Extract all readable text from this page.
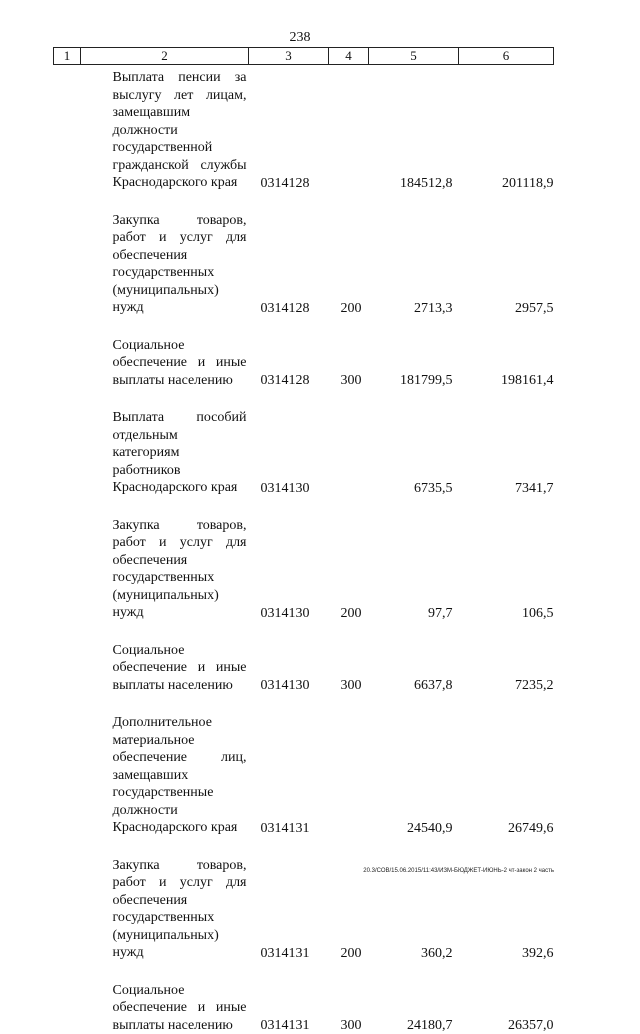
238
1	2	3	4	5	6

	Выплата пенсии за выслугу лет лицам, замещавшим должности государственной гражданской службы Краснодарского края	0314128		184512,8	201118,9

	Закупка товаров, работ и услуг для обеспечения государственных (муниципальных) нужд	0314128	200	2713,3	2957,5

	Социальное обеспечение и иные выплаты населению	0314128	300	181799,5	198161,4

	Выплата пособий отдельным категориям работников Краснодарского края	0314130		6735,5	7341,7

	Закупка товаров, работ и услуг для обеспечения государственных (муниципальных) нужд	0314130	200	97,7	106,5

	Социальное обеспечение и иные выплаты населению	0314130	300	6637,8	7235,2

	Дополнительное материальное обеспечение лиц, замещавших государственные должности Краснодарского края	0314131		24540,9	26749,6

	Закупка товаров, работ и услуг для обеспечения государственных (муниципальных) нужд	0314131	200	360,2	392,6

	Социальное обеспечение и иные выплаты населению	0314131	300	24180,7	26357,0
20.3/СОВ/15.06.2015/11:43/ИЗМ-БЮДЖЕТ-ИЮНЬ-2 чт-закон 2 часть
